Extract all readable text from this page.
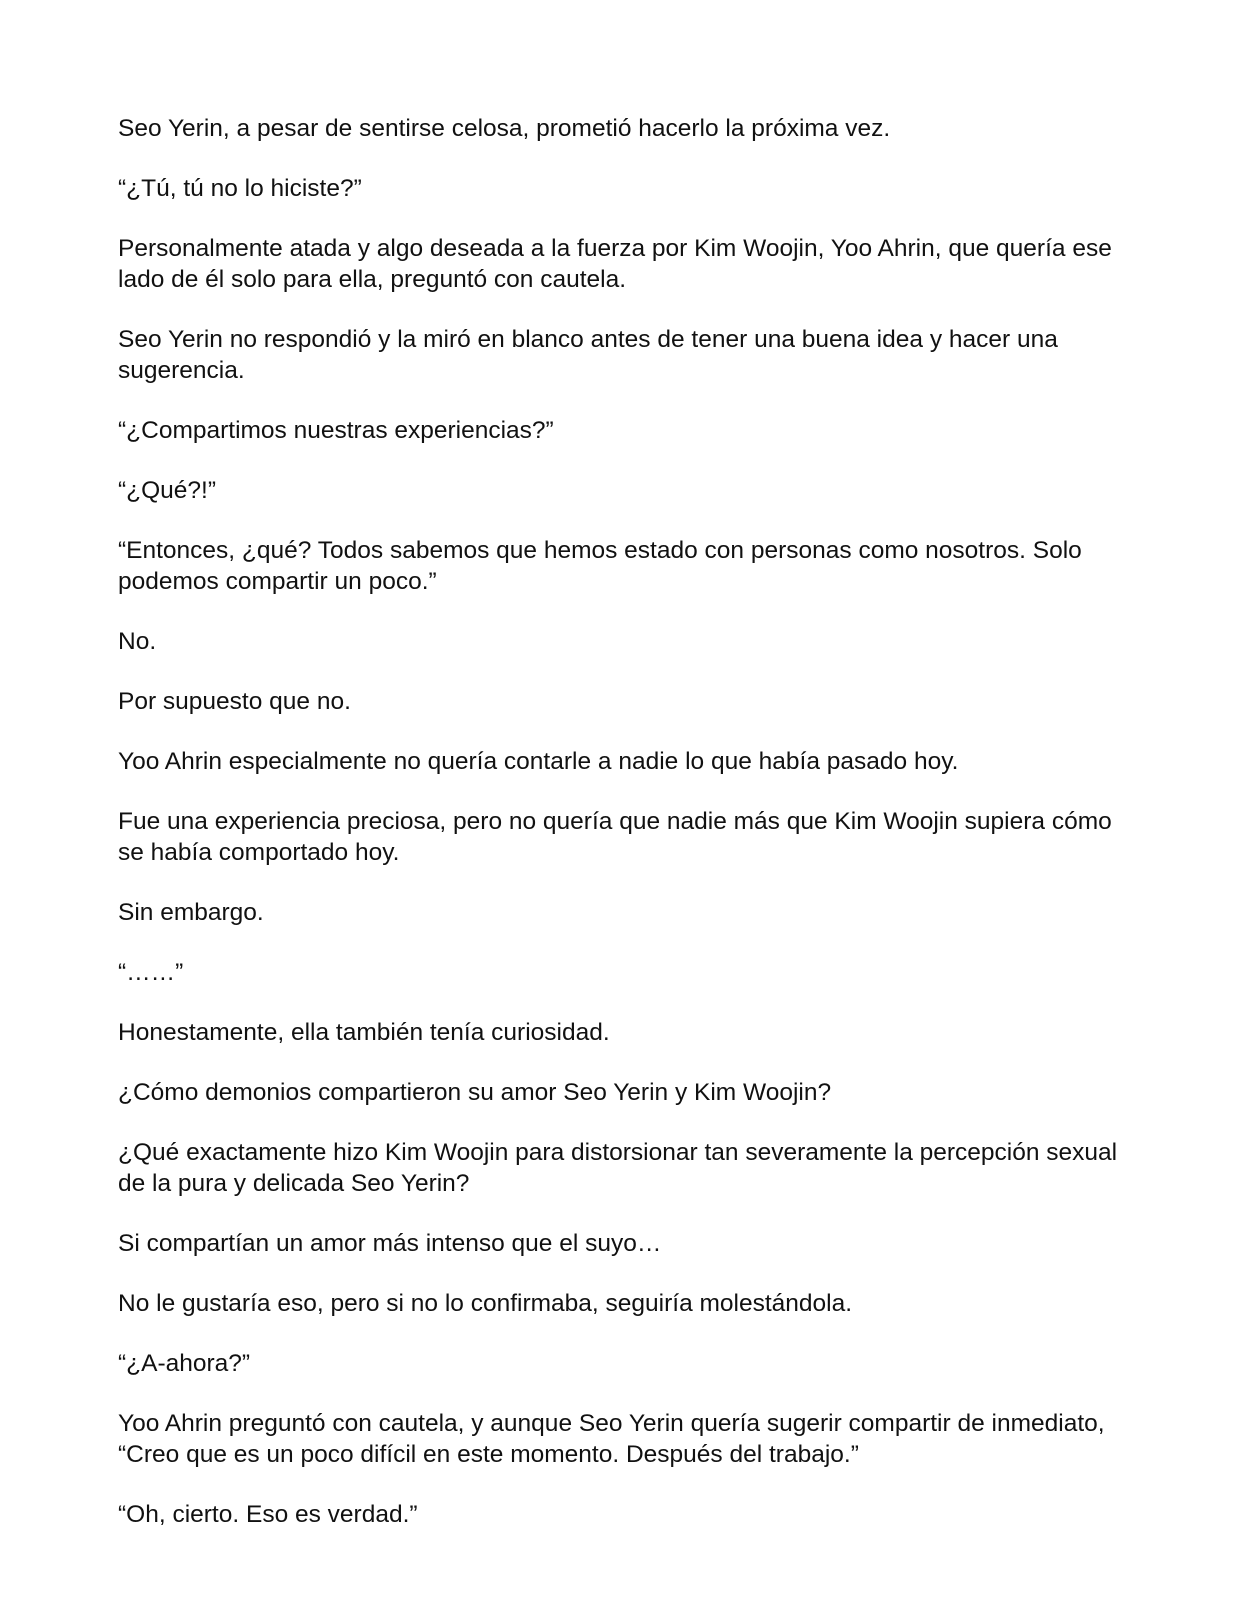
Seo Yerin, a pesar de sentirse celosa, prometió hacerlo la próxima vez.

“¿Tú, tú no lo hiciste?”

Personalmente atada y algo deseada a la fuerza por Kim Woojin, Yoo Ahrin, que quería ese lado de él solo para ella, preguntó con cautela.

Seo Yerin no respondió y la miró en blanco antes de tener una buena idea y hacer una sugerencia.

“¿Compartimos nuestras experiencias?”

“¿Qué?!”

“Entonces, ¿qué? Todos sabemos que hemos estado con personas como nosotros. Solo podemos compartir un poco.”

No.

Por supuesto que no.

Yoo Ahrin especialmente no quería contarle a nadie lo que había pasado hoy.

Fue una experiencia preciosa, pero no quería que nadie más que Kim Woojin supiera cómo se había comportado hoy.

Sin embargo.

“……”

Honestamente, ella también tenía curiosidad.

¿Cómo demonios compartieron su amor Seo Yerin y Kim Woojin?

¿Qué exactamente hizo Kim Woojin para distorsionar tan severamente la percepción sexual de la pura y delicada Seo Yerin?

Si compartían un amor más intenso que el suyo…

No le gustaría eso, pero si no lo confirmaba, seguiría molestándola.

“¿A-ahora?”

Yoo Ahrin preguntó con cautela, y aunque Seo Yerin quería sugerir compartir de inmediato, “Creo que es un poco difícil en este momento. Después del trabajo.”

“Oh, cierto. Eso es verdad.”
